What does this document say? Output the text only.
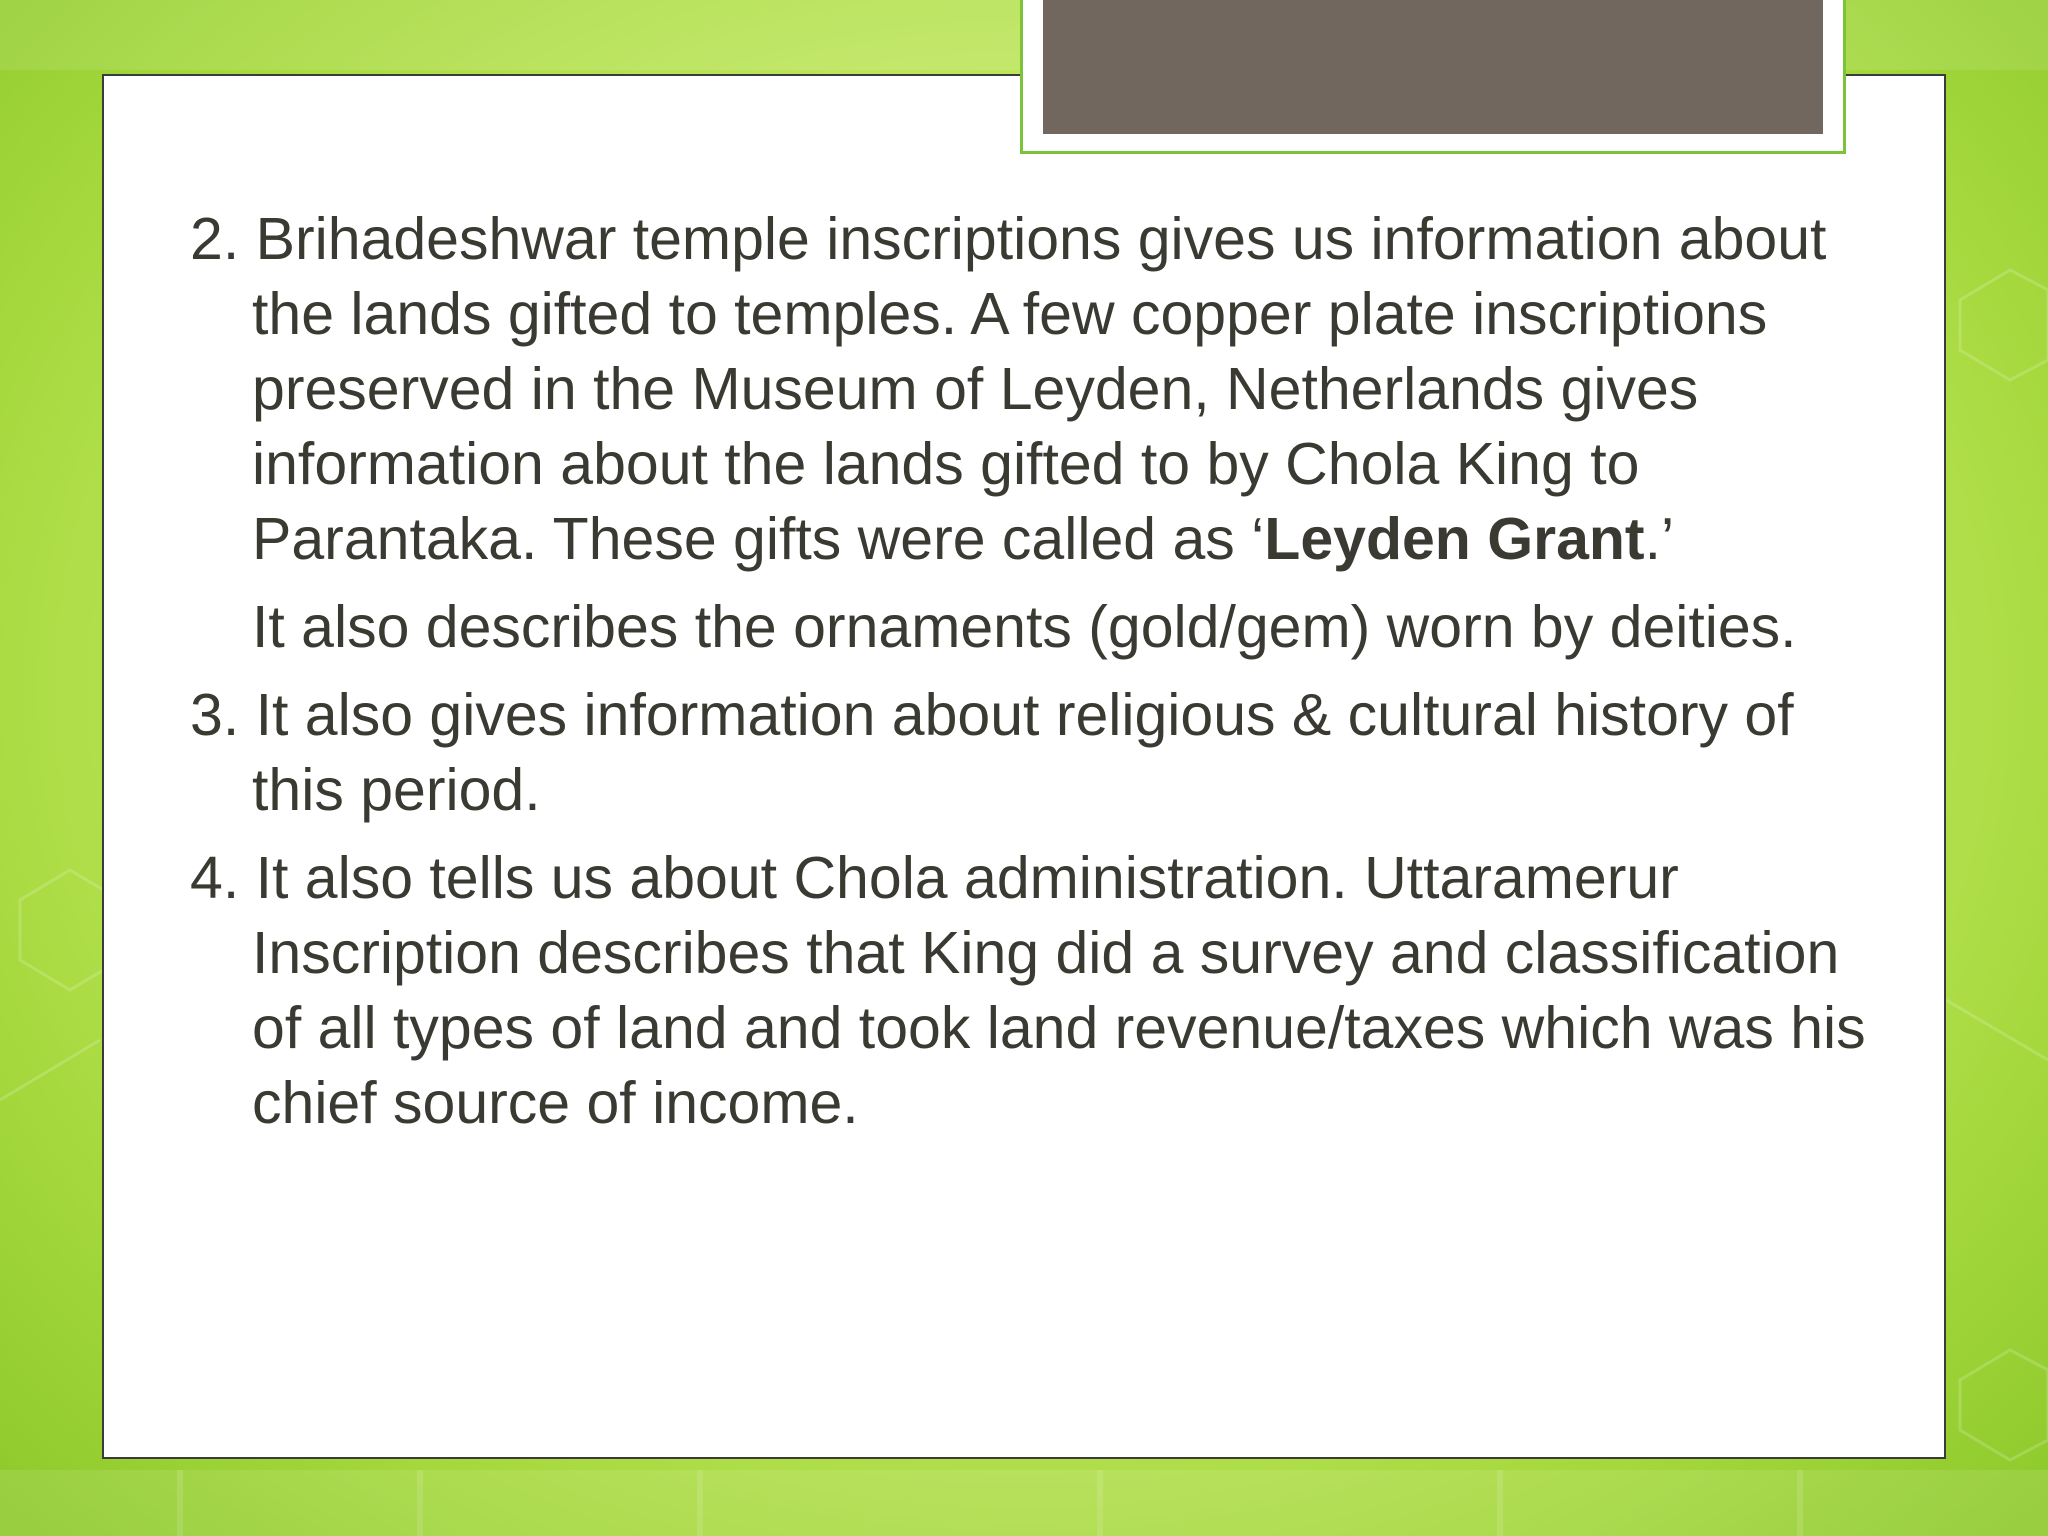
2. Brihadeshwar temple inscriptions gives us information about the lands gifted to temples. A few copper plate inscriptions preserved in the Museum of Leyden, Netherlands gives information about the lands gifted to by Chola King to Parantaka. These gifts were called as ‘Leyden Grant.’

It also describes the ornaments (gold/gem) worn by deities.

3. It also gives information about religious & cultural history of this period.

4. It also tells us about Chola administration. Uttaramerur Inscription describes that King did a survey and classification of all types of land and took land revenue/taxes which was his chief source of income.
